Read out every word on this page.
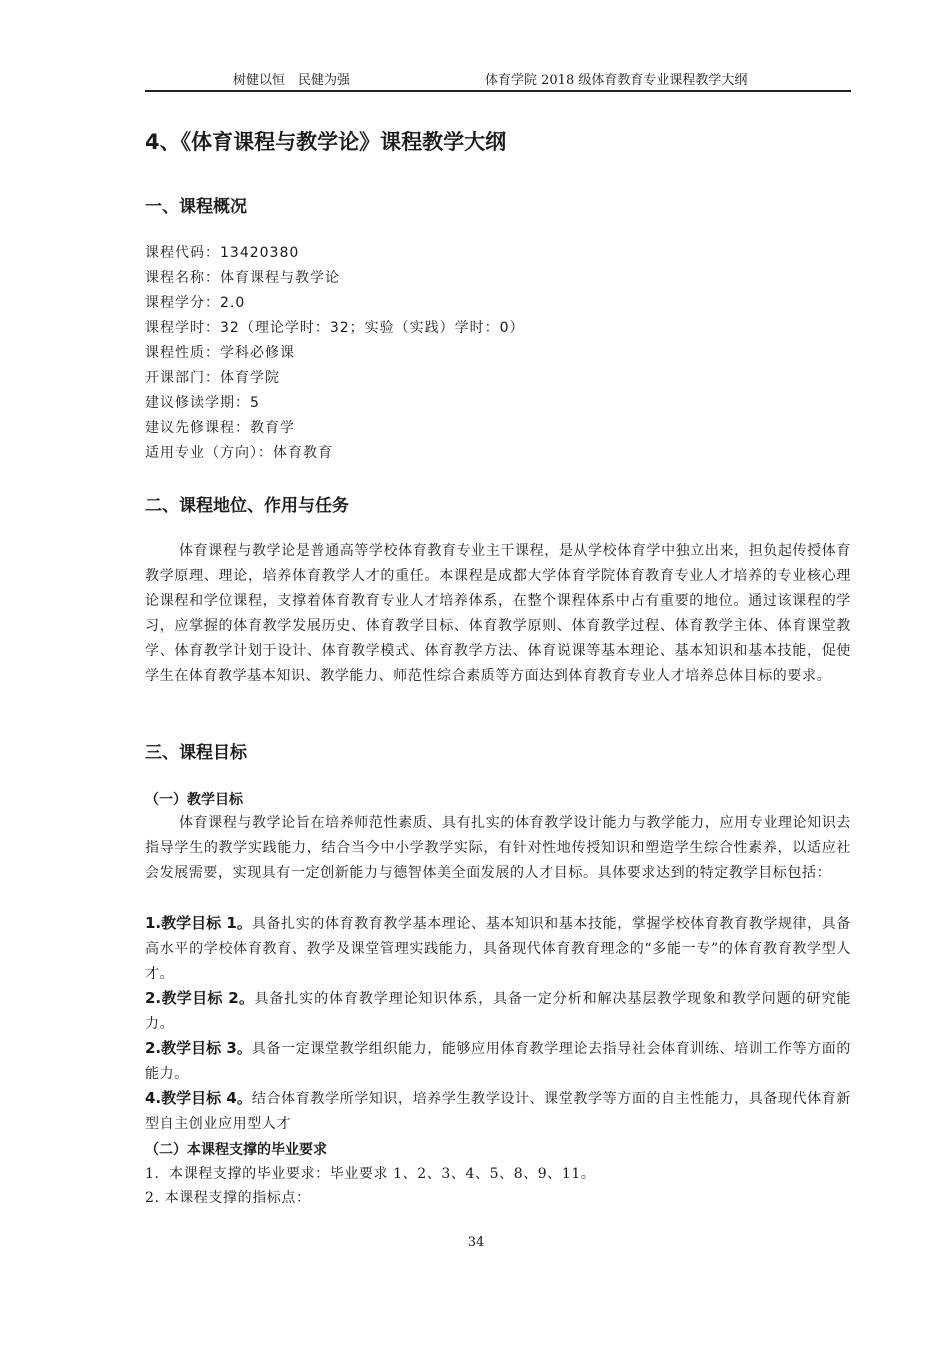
树健以恒　民健为强	体育学院 2018 级体育教育专业课程教学大纲
4、《体育课程与教学论》课程教学大纲
一、课程概况
课程代码：13420380
课程名称：体育课程与教学论
课程学分：2.0
课程学时：32（理论学时：32；实验（实践）学时：0）
课程性质：学科必修课
开课部门：体育学院
建议修读学期：5
建议先修课程：教育学
适用专业（方向）：体育教育
二、课程地位、作用与任务
体育课程与教学论是普通高等学校体育教育专业主干课程，是从学校体育学中独立出来，担负起传授体育教学原理、理论，培养体育教学人才的重任。本课程是成都大学体育学院体育教育专业人才培养的专业核心理论课程和学位课程，支撑着体育教育专业人才培养体系，在整个课程体系中占有重要的地位。通过该课程的学习，应掌握的体育教学发展历史、体育教学目标、体育教学原则、体育教学过程、体育教学主体、体育课堂教学、体育教学计划于设计、体育教学模式、体育教学方法、体育说课等基本理论、基本知识和基本技能，促使学生在体育教学基本知识、教学能力、师范性综合素质等方面达到体育教育专业人才培养总体目标的要求。
三、课程目标
（一）教学目标
体育课程与教学论旨在培养师范性素质、具有扎实的体育教学设计能力与教学能力，应用专业理论知识去指导学生的教学实践能力，结合当今中小学教学实际，有针对性地传授知识和塑造学生综合性素养，以适应社会发展需要，实现具有一定创新能力与德智体美全面发展的人才目标。具体要求达到的特定教学目标包括：
1.教学目标 1。具备扎实的体育教育教学基本理论、基本知识和基本技能，掌握学校体育教育教学规律，具备高水平的学校体育教育、教学及课堂管理实践能力，具备现代体育教育理念的“多能一专”的体育教育教学型人才。
2.教学目标 2。具备扎实的体育教学理论知识体系，具备一定分析和解决基层教学现象和教学问题的研究能力。
2.教学目标 3。具备一定课堂教学组织能力，能够应用体育教学理论去指导社会体育训练、培训工作等方面的能力。
4.教学目标 4。结合体育教学所学知识，培养学生教学设计、课堂教学等方面的自主性能力，具备现代体育新型自主创业应用型人才
（二）本课程支撑的毕业要求
1．本课程支撑的毕业要求：毕业要求 1、2、3、4、5、8、9、11。
2. 本课程支撑的指标点：
34
